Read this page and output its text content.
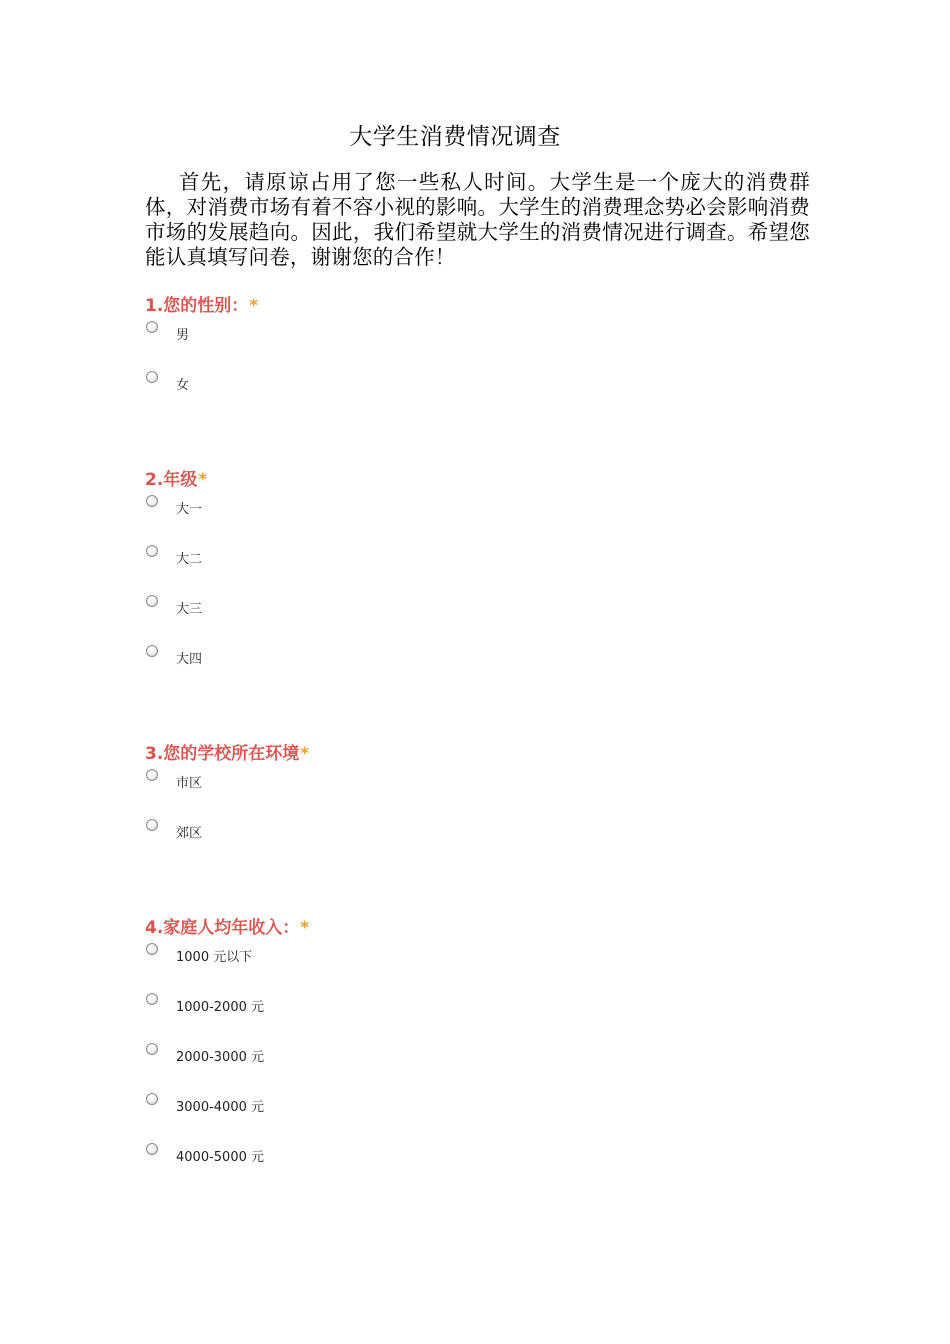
大学生消费情况调查
首先，请原谅占用了您一些私人时间。大学生是一个庞大的消费群体，对消费市场有着不容小视的影响。大学生的消费理念势必会影响消费市场的发展趋向。因此，我们希望就大学生的消费情况进行调查。希望您能认真填写问卷，谢谢您的合作！
1.您的性别：*
男
女
2.年级*
大一
大二
大三
大四
3.您的学校所在环境*
市区
郊区
4.家庭人均年收入：*
1000 元以下
1000-2000 元
2000-3000 元
3000-4000 元
4000-5000 元
